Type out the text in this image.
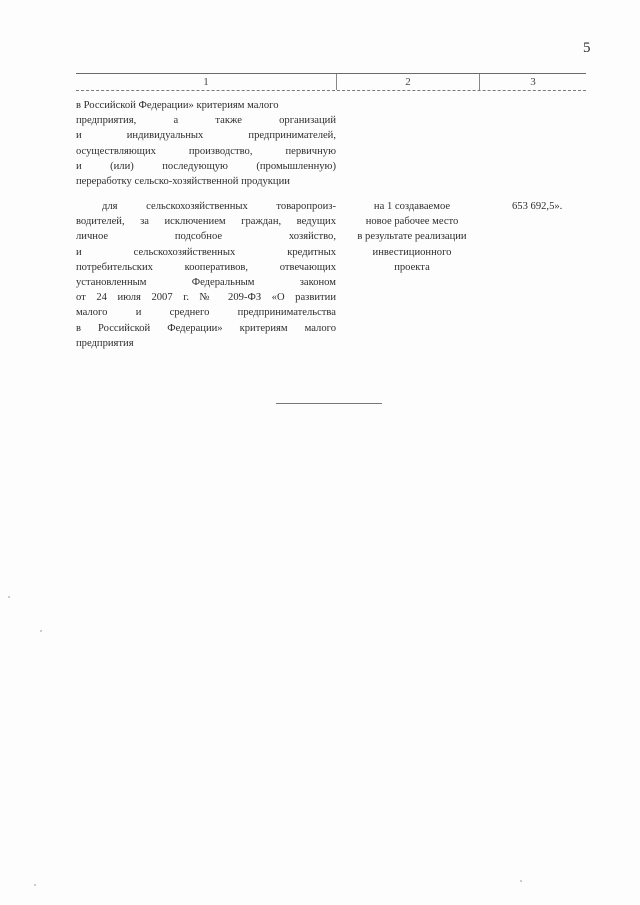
5
1	2	3
в Российской Федерации» критериям малого
предприятия, а также организаций
и индивидуальных предпринимателей,
осуществляющих производство, первичную
и (или) последующую (промышленную)
переработку сельско-хозяйственной продукции
для сельскохозяйственных товаропроиз-
водителей, за исключением граждан, ведущих
личное подсобное хозяйство,
и сельскохозяйственных кредитных
потребительских кооперативов, отвечающих
установленным Федеральным законом
от 24 июля 2007 г. № 209-ФЗ «О развитии
малого и среднего предпринимательства
в Российской Федерации» критериям малого
предприятия
на 1 создаваемое
новое рабочее место
в результате реализации
инвестиционного
проекта
653 692,5».
